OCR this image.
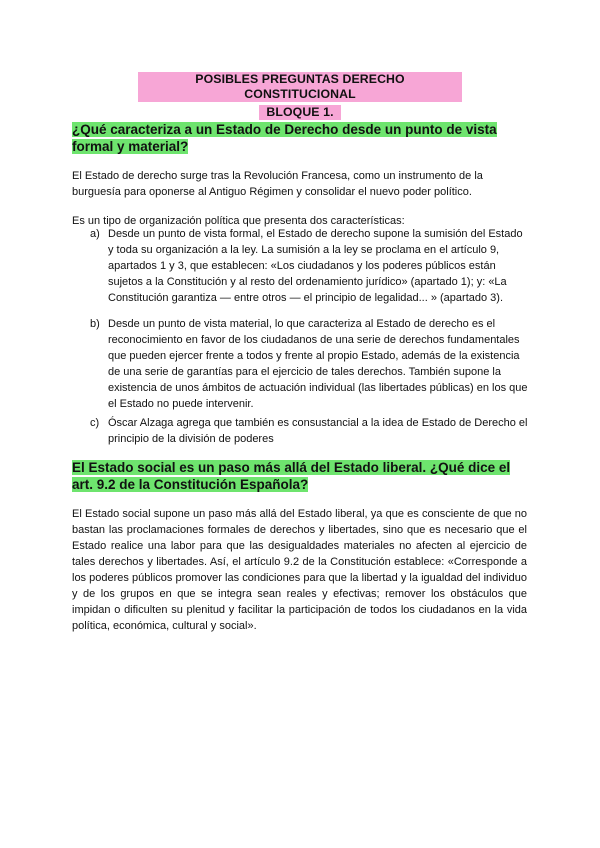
POSIBLES PREGUNTAS DERECHO CONSTITUCIONAL
BLOQUE 1.

¿Qué caracteriza a un Estado de Derecho desde un punto de vista formal y material?

El Estado de derecho surge tras la Revolución Francesa, como un instrumento de la burguesía para oponerse al Antiguo Régimen y consolidar el nuevo poder político.

Es un tipo de organización política que presenta dos características:

a) Desde un punto de vista formal, el Estado de derecho supone la sumisión del Estado y toda su organización a la ley. La sumisión a la ley se proclama en el artículo 9, apartados 1 y 3, que establecen: «Los ciudadanos y los poderes públicos están sujetos a la Constitución y al resto del ordenamiento jurídico» (apartado 1); y: «La Constitución garantiza — entre otros — el principio de legalidad... » (apartado 3).
b) Desde un punto de vista material, lo que caracteriza al Estado de derecho es el reconocimiento en favor de los ciudadanos de una serie de derechos fundamentales que pueden ejercer frente a todos y frente al propio Estado, además de la existencia de una serie de garantías para el ejercicio de tales derechos. También supone la existencia de unos ámbitos de actuación individual (las libertades públicas) en los que el Estado no puede intervenir.
c) Óscar Alzaga agrega que también es consustancial a la idea de Estado de Derecho el principio de la división de poderes

El Estado social es un paso más allá del Estado liberal. ¿Qué dice el art. 9.2 de la Constitución Española?

El Estado social supone un paso más allá del Estado liberal, ya que es consciente de que no bastan las proclamaciones formales de derechos y libertades, sino que es necesario que el Estado realice una labor para que las desigualdades materiales no afecten al ejercicio de tales derechos y libertades. Así, el artículo 9.2 de la Constitución establece: «Corresponde a los poderes públicos promover las condiciones para que la libertad y la igualdad del individuo y de los grupos en que se integra sean reales y efectivas; remover los obstáculos que impidan o dificulten su plenitud y facilitar la participación de todos los ciudadanos en la vida política, económica, cultural y social».
